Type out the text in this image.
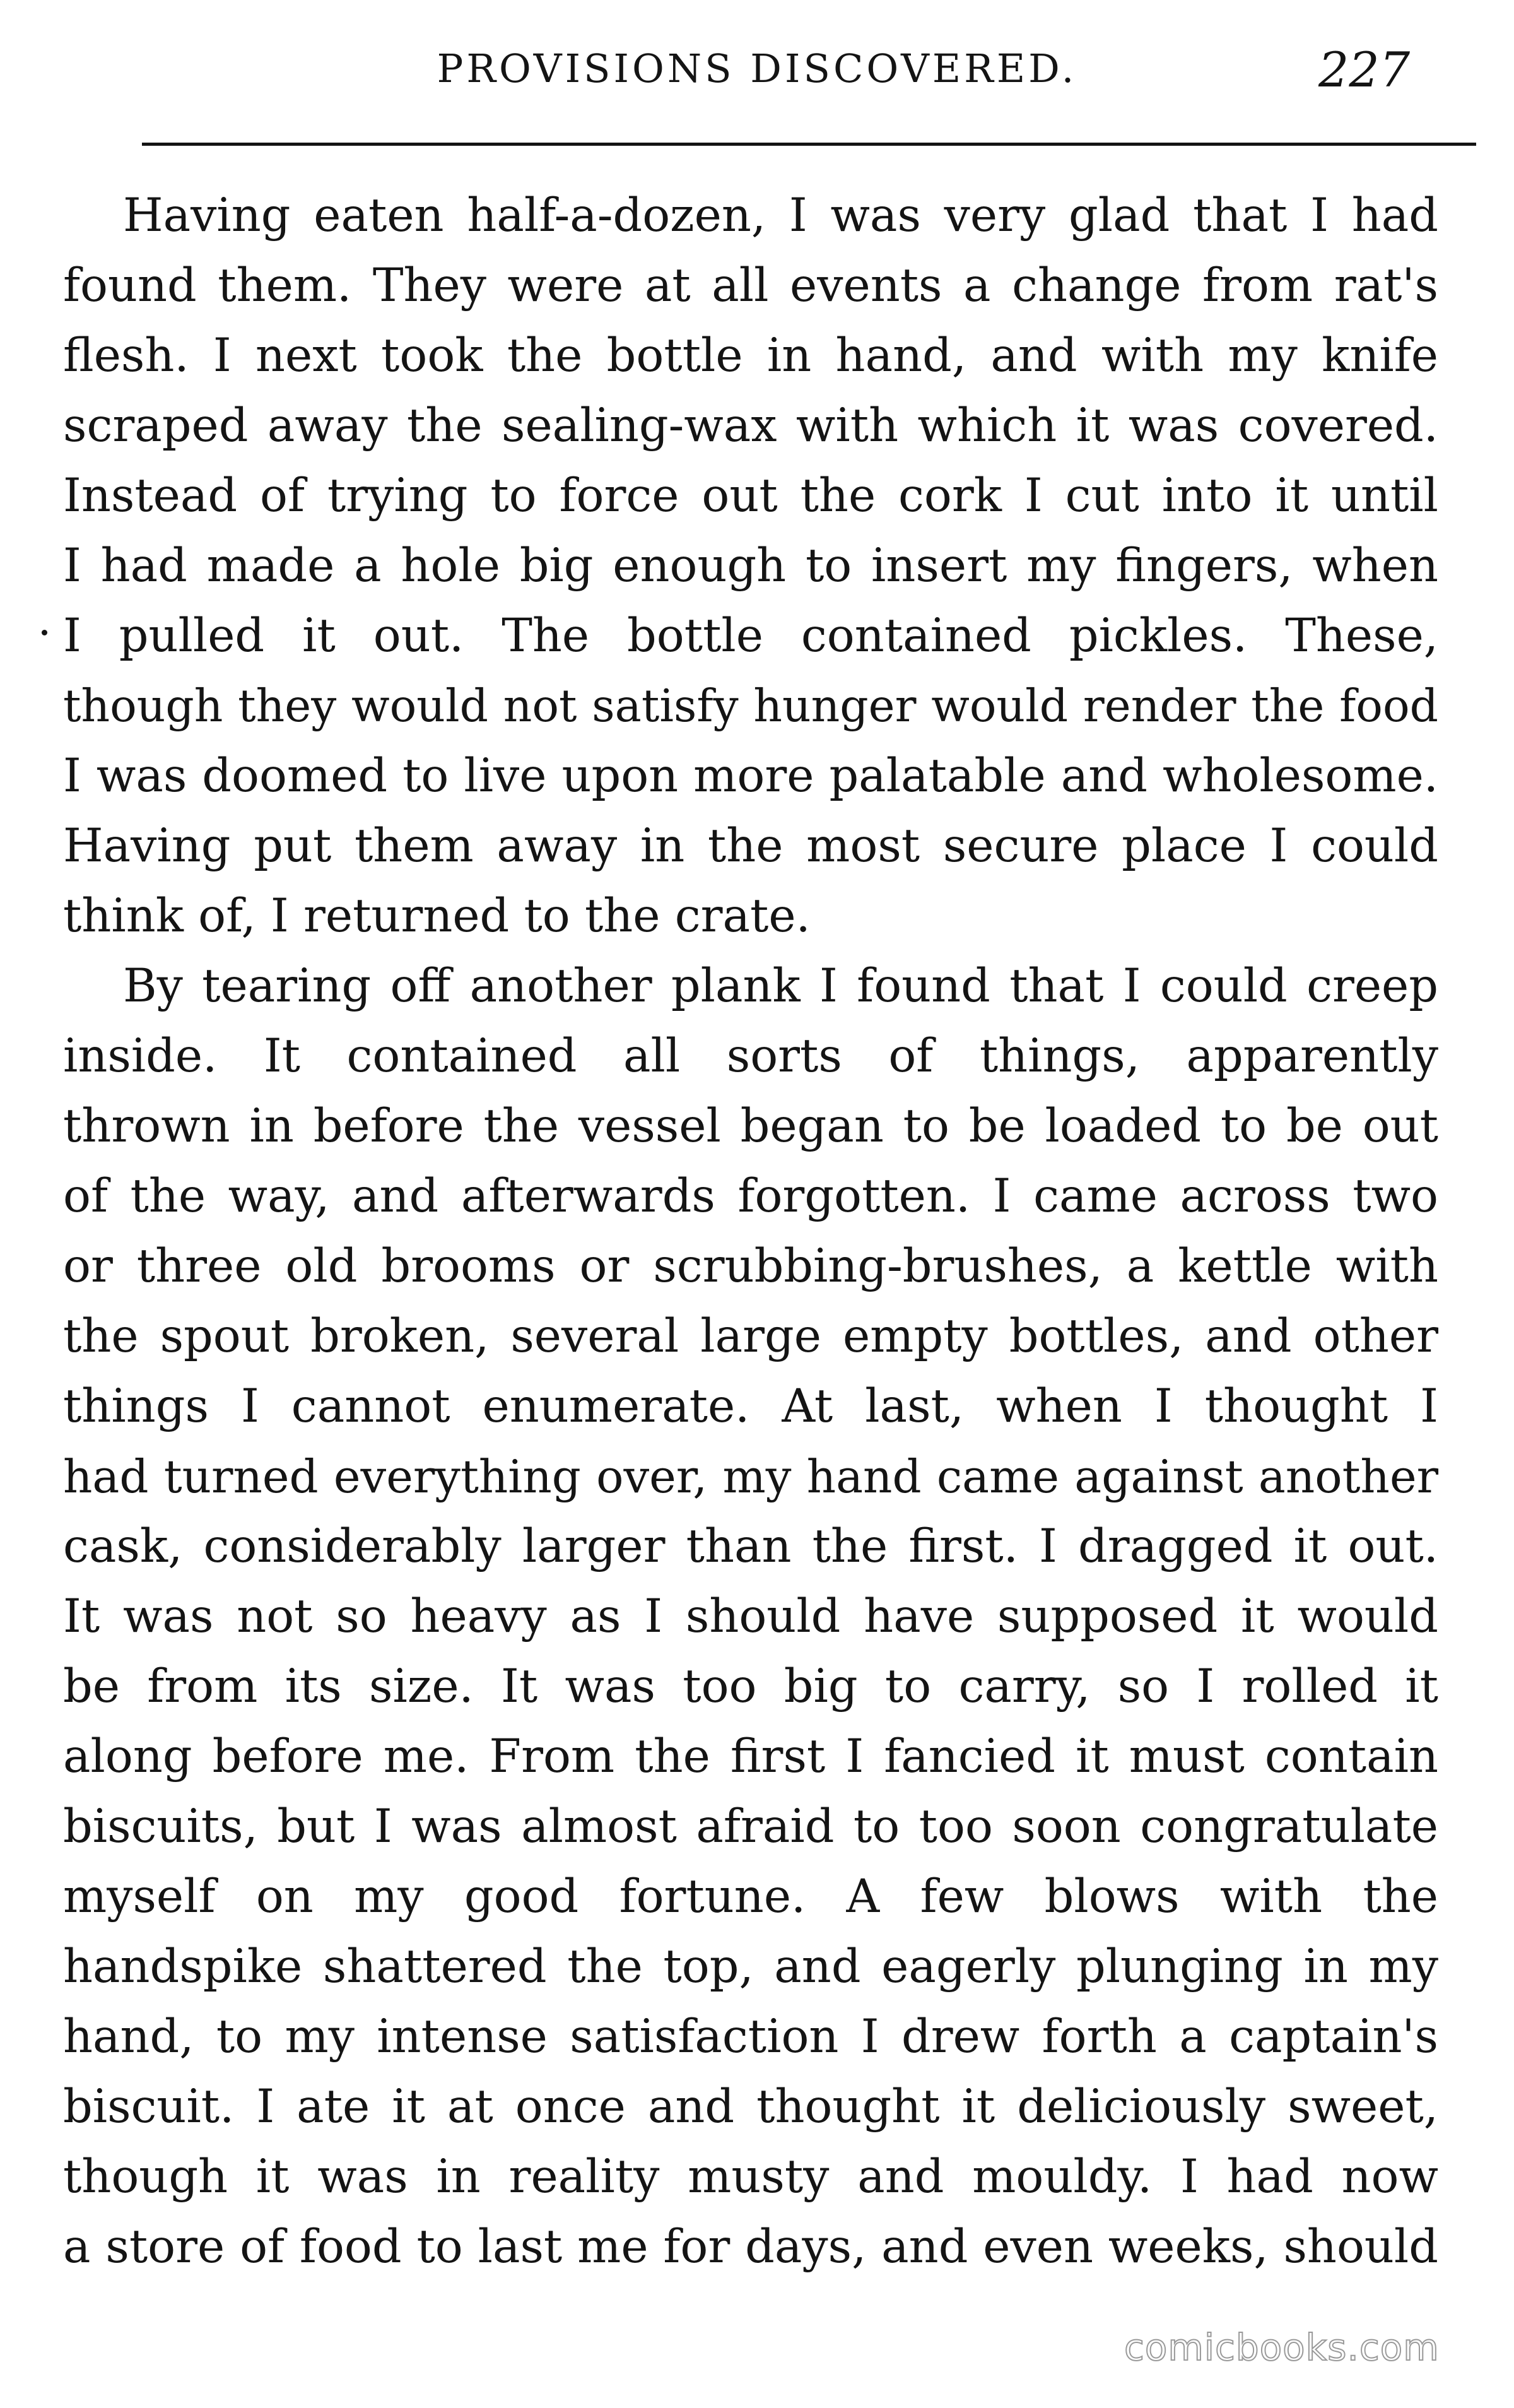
PROVISIONS DISCOVERED.	227
Having eaten half-a-dozen, I was very glad that I had
found them. They were at all events a change from rat's
flesh. I next took the bottle in hand, and with my knife
scraped away the sealing-wax with which it was covered.
Instead of trying to force out the cork I cut into it until
I had made a hole big enough to insert my fingers, when
I pulled it out. The bottle contained pickles. These,
though they would not satisfy hunger would render the food
I was doomed to live upon more palatable and wholesome.
Having put them away in the most secure place I could
think of, I returned to the crate.
By tearing off another plank I found that I could creep
inside. It contained all sorts of things, apparently
thrown in before the vessel began to be loaded to be out
of the way, and afterwards forgotten. I came across two
or three old brooms or scrubbing-brushes, a kettle with
the spout broken, several large empty bottles, and other
things I cannot enumerate. At last, when I thought I
had turned everything over, my hand came against another
cask, considerably larger than the first. I dragged it out.
It was not so heavy as I should have supposed it would
be from its size. It was too big to carry, so I rolled it
along before me. From the first I fancied it must contain
biscuits, but I was almost afraid to too soon congratulate
myself on my good fortune. A few blows with the
handspike shattered the top, and eagerly plunging in my
hand, to my intense satisfaction I drew forth a captain's
biscuit. I ate it at once and thought it deliciously sweet,
though it was in reality musty and mouldy. I had now
a store of food to last me for days, and even weeks, should
comicbooks.com
